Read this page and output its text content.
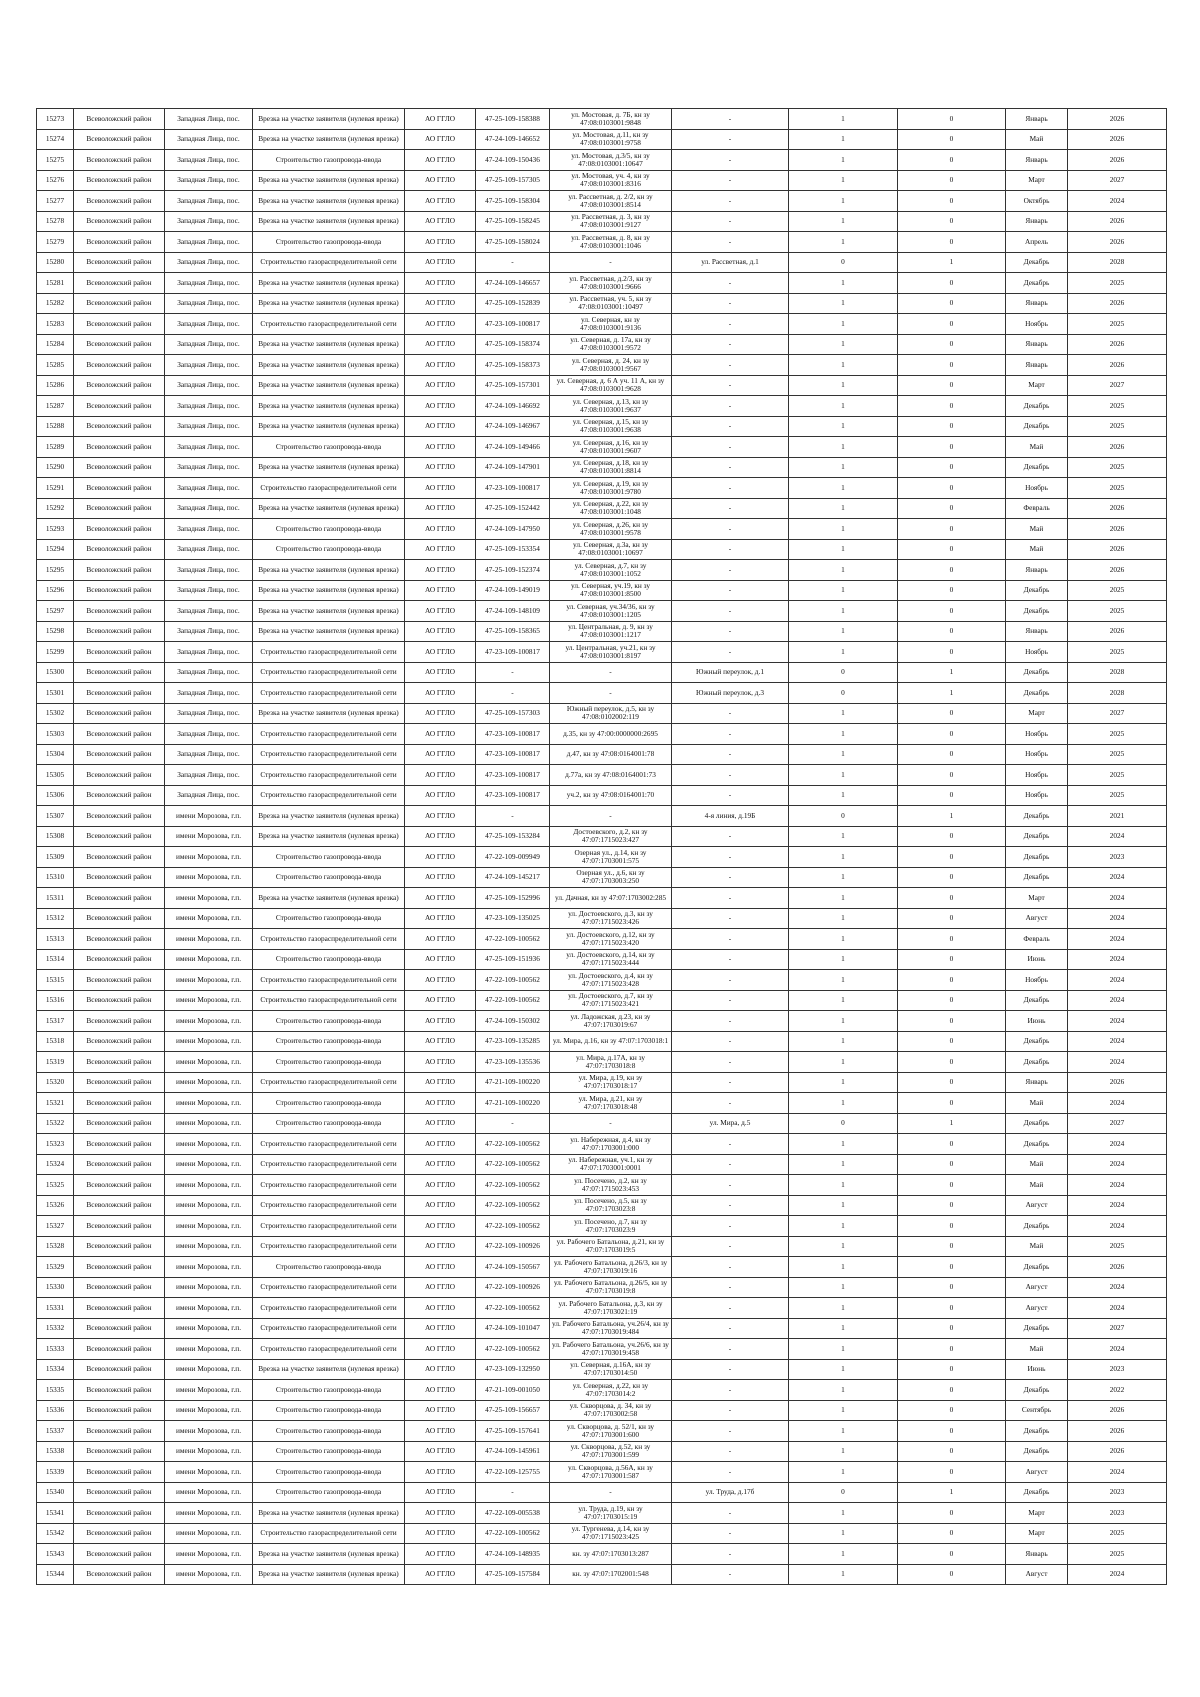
15273	Всеволожский район	Западная Лица, пос.	Врезка на участке заявителя (нулевая врезка)	АО ГГЛО	47-25-109-158388	ул. Мостовая, д. 7Б, кн зу 47:08:0103001:9848	-	1	0	Январь	2026
15274	Всеволожский район	Западная Лица, пос.	Врезка на участке заявителя (нулевая врезка)	АО ГГЛО	47-24-109-146652	ул. Мостовая, д.11, кн зу 47:08:0103001:9758	-	1	0	Май	2026
15275	Всеволожский район	Западная Лица, пос.	Строительство газопровода-ввода	АО ГГЛО	47-24-109-150436	ул. Мостовая, д.3/5, кн зу 47:08:0103001:10647	-	1	0	Январь	2026
15276	Всеволожский район	Западная Лица, пос.	Врезка на участке заявителя (нулевая врезка)	АО ГГЛО	47-25-109-157305	ул. Мостовая, уч. 4, кн зу 47:08:0103001:8316	-	1	0	Март	2027
15277	Всеволожский район	Западная Лица, пос.	Врезка на участке заявителя (нулевая врезка)	АО ГГЛО	47-25-109-158304	ул. Рассветная, д. 2/2, кн зу 47:08:0103001:8514	-	1	0	Октябрь	2024
15278	Всеволожский район	Западная Лица, пос.	Врезка на участке заявителя (нулевая врезка)	АО ГГЛО	47-25-109-158245	ул. Рассветная, д. 3, кн зу 47:08:0103001:9127	-	1	0	Январь	2026
15279	Всеволожский район	Западная Лица, пос.	Строительство газопровода-ввода	АО ГГЛО	47-25-109-158024	ул. Рассветная, д. 8, кн зу 47:08:0103001:1046	-	1	0	Апрель	2026
15280	Всеволожский район	Западная Лица, пос.	Строительство газораспределительной сети	АО ГГЛО	-	-	ул. Рассветная, д.1	0	1	Декабрь	2028
15281	Всеволожский район	Западная Лица, пос.	Врезка на участке заявителя (нулевая врезка)	АО ГГЛО	47-24-109-146657	ул. Рассветная, д.2/3, кн зу 47:08:0103001:9666	-	1	0	Декабрь	2025
15282	Всеволожский район	Западная Лица, пос.	Врезка на участке заявителя (нулевая врезка)	АО ГГЛО	47-25-109-152839	ул. Рассветная, уч. 5, кн зу 47:08:0103001:10497	-	1	0	Январь	2026
15283	Всеволожский район	Западная Лица, пос.	Строительство газораспределительной сети	АО ГГЛО	47-23-109-100817	ул. Северная, кн зу 47:08:0103001:9136	-	1	0	Ноябрь	2025
15284	Всеволожский район	Западная Лица, пос.	Врезка на участке заявителя (нулевая врезка)	АО ГГЛО	47-25-109-158374	ул. Северная, д. 17а, кн зу 47:08:0103001:9572	-	1	0	Январь	2026
15285	Всеволожский район	Западная Лица, пос.	Врезка на участке заявителя (нулевая врезка)	АО ГГЛО	47-25-109-158373	ул. Северная, д. 24, кн зу 47:08:0103001:9567	-	1	0	Январь	2026
15286	Всеволожский район	Западная Лица, пос.	Врезка на участке заявителя (нулевая врезка)	АО ГГЛО	47-25-109-157301	ул. Северная, д. 6 А уч. 11 А, кн зу 47:08:0103001:9628	-	1	0	Март	2027
15287	Всеволожский район	Западная Лица, пос.	Врезка на участке заявителя (нулевая врезка)	АО ГГЛО	47-24-109-146692	ул. Северная, д.13, кн зу 47:08:0103001:9637	-	1	0	Декабрь	2025
15288	Всеволожский район	Западная Лица, пос.	Врезка на участке заявителя (нулевая врезка)	АО ГГЛО	47-24-109-146967	ул. Северная, д.15, кн зу 47:08:0103001:9638	-	1	0	Декабрь	2025
15289	Всеволожский район	Западная Лица, пос.	Строительство газопровода-ввода	АО ГГЛО	47-24-109-149466	ул. Северная, д.16, кн зу 47:08:0103001:9607	-	1	0	Май	2026
15290	Всеволожский район	Западная Лица, пос.	Врезка на участке заявителя (нулевая врезка)	АО ГГЛО	47-24-109-147901	ул. Северная, д.18, кн зу 47:08:0103001:8814	-	1	0	Декабрь	2025
15291	Всеволожский район	Западная Лица, пос.	Строительство газораспределительной сети	АО ГГЛО	47-23-109-100817	ул. Северная, д.19, кн зу 47:08:0103001:9780	-	1	0	Ноябрь	2025
15292	Всеволожский район	Западная Лица, пос.	Врезка на участке заявителя (нулевая врезка)	АО ГГЛО	47-25-109-152442	ул. Северная, д.22, кн зу 47:08:0103001:1048	-	1	0	Февраль	2026
15293	Всеволожский район	Западная Лица, пос.	Строительство газопровода-ввода	АО ГГЛО	47-24-109-147950	ул. Северная, д.26, кн зу 47:08:0103001:9578	-	1	0	Май	2026
15294	Всеволожский район	Западная Лица, пос.	Строительство газопровода-ввода	АО ГГЛО	47-25-109-153354	ул. Северная, д.3а, кн зу 47:08:0103001:10697	-	1	0	Май	2026
15295	Всеволожский район	Западная Лица, пос.	Врезка на участке заявителя (нулевая врезка)	АО ГГЛО	47-25-109-152374	ул. Северная, д.7, кн зу 47:08:0103001:1052	-	1	0	Январь	2026
15296	Всеволожский район	Западная Лица, пос.	Врезка на участке заявителя (нулевая врезка)	АО ГГЛО	47-24-109-149019	ул. Северная, уч.19, кн зу 47:08:0103001:8500	-	1	0	Декабрь	2025
15297	Всеволожский район	Западная Лица, пос.	Врезка на участке заявителя (нулевая врезка)	АО ГГЛО	47-24-109-148109	ул. Северная, уч.34/36, кн зу 47:08:0103001:1205	-	1	0	Декабрь	2025
15298	Всеволожский район	Западная Лица, пос.	Врезка на участке заявителя (нулевая врезка)	АО ГГЛО	47-25-109-158365	ул. Центральная, д. 9, кн зу 47:08:0103001:1217	-	1	0	Январь	2026
15299	Всеволожский район	Западная Лица, пос.	Строительство газораспределительной сети	АО ГГЛО	47-23-109-100817	ул. Центральная, уч.21, кн зу 47:08:0103001:8197	-	1	0	Ноябрь	2025
15300	Всеволожский район	Западная Лица, пос.	Строительство газораспределительной сети	АО ГГЛО	-	-	Южный переулок, д.1	0	1	Декабрь	2028
15301	Всеволожский район	Западная Лица, пос.	Строительство газораспределительной сети	АО ГГЛО	-	-	Южный переулок, д.3	0	1	Декабрь	2028
15302	Всеволожский район	Западная Лица, пос.	Врезка на участке заявителя (нулевая врезка)	АО ГГЛО	47-25-109-157303	Южный переулок, д.5, кн зу 47:08:0102002:119	-	1	0	Март	2027
15303	Всеволожский район	Западная Лица, пос.	Строительство газораспределительной сети	АО ГГЛО	47-23-109-100817	д.35, кн зу 47:00:0000000:2695	-	1	0	Ноябрь	2025
15304	Всеволожский район	Западная Лица, пос.	Строительство газораспределительной сети	АО ГГЛО	47-23-109-100817	д.47, кн зу 47:08:0164001:78	-	1	0	Ноябрь	2025
15305	Всеволожский район	Западная Лица, пос.	Строительство газораспределительной сети	АО ГГЛО	47-23-109-100817	д.77а, кн зу 47:08:0164001:73	-	1	0	Ноябрь	2025
15306	Всеволожский район	Западная Лица, пос.	Строительство газораспределительной сети	АО ГГЛО	47-23-109-100817	уч.2, кн зу 47:08:0164001:70	-	1	0	Ноябрь	2025
15307	Всеволожский район	имени Морозова, г.п.	Врезка на участке заявителя (нулевая врезка)	АО ГГЛО	-	-	4-я линия, д.19Б	0	1	Декабрь	2021
15308	Всеволожский район	имени Морозова, г.п.	Врезка на участке заявителя (нулевая врезка)	АО ГГЛО	47-25-109-153284	Достоевского, д.2, кн зу 47:07:1715023:427	-	1	0	Декабрь	2024
15309	Всеволожский район	имени Морозова, г.п.	Строительство газопровода-ввода	АО ГГЛО	47-22-109-009949	Озерная ул., д.14, кн зу 47:07:1703001:575	-	1	0	Декабрь	2023
15310	Всеволожский район	имени Морозова, г.п.	Строительство газопровода-ввода	АО ГГЛО	47-24-109-145217	Озерная ул., д.6, кн зу 47:07:1703003:250	-	1	0	Декабрь	2024
15311	Всеволожский район	имени Морозова, г.п.	Врезка на участке заявителя (нулевая врезка)	АО ГГЛО	47-25-109-152996	ул. Дачная, кн зу 47:07:1703002:285	-	1	0	Март	2024
15312	Всеволожский район	имени Морозова, г.п.	Строительство газопровода-ввода	АО ГГЛО	47-23-109-135025	ул. Достоевского, д.3, кн зу 47:07:1715023:426	-	1	0	Август	2024
15313	Всеволожский район	имени Морозова, г.п.	Строительство газораспределительной сети	АО ГГЛО	47-22-109-100562	ул. Достоевского, д.12, кн зу 47:07:1715023:420	-	1	0	Февраль	2024
15314	Всеволожский район	имени Морозова, г.п.	Строительство газопровода-ввода	АО ГГЛО	47-25-109-151936	ул. Достоевского, д.14, кн зу 47:07:1715023:444	-	1	0	Июнь	2024
15315	Всеволожский район	имени Морозова, г.п.	Строительство газораспределительной сети	АО ГГЛО	47-22-109-100562	ул. Достоевского, д.4, кн зу 47:07:1715023:428	-	1	0	Ноябрь	2024
15316	Всеволожский район	имени Морозова, г.п.	Строительство газораспределительной сети	АО ГГЛО	47-22-109-100562	ул. Достоевского, д.7, кн зу 47:07:1715023:421	-	1	0	Декабрь	2024
15317	Всеволожский район	имени Морозова, г.п.	Строительство газопровода-ввода	АО ГГЛО	47-24-109-150302	ул. Ладожская, д.23, кн зу 47:07:1703019:67	-	1	0	Июнь	2024
15318	Всеволожский район	имени Морозова, г.п.	Строительство газопровода-ввода	АО ГГЛО	47-23-109-135285	ул. Мира, д.16, кн зу 47:07:1703018:1	-	1	0	Декабрь	2024
15319	Всеволожский район	имени Морозова, г.п.	Строительство газопровода-ввода	АО ГГЛО	47-23-109-135536	ул. Мира, д.17А, кн зу 47:07:1703018:8	-	1	0	Декабрь	2024
15320	Всеволожский район	имени Морозова, г.п.	Строительство газораспределительной сети	АО ГГЛО	47-21-109-100220	ул. Мира, д.19, кн зу 47:07:1703018:17	-	1	0	Январь	2026
15321	Всеволожский район	имени Морозова, г.п.	Строительство газопровода-ввода	АО ГГЛО	47-21-109-100220	ул. Мира, д.21, кн зу 47:07:1703018:48	-	1	0	Май	2024
15322	Всеволожский район	имени Морозова, г.п.	Строительство газопровода-ввода	АО ГГЛО	-	-	ул. Мира, д.5	0	1	Декабрь	2027
15323	Всеволожский район	имени Морозова, г.п.	Строительство газораспределительной сети	АО ГГЛО	47-22-109-100562	ул. Набережная, д.4, кн зу 47:07:1703001:000	-	1	0	Декабрь	2024
15324	Всеволожский район	имени Морозова, г.п.	Строительство газораспределительной сети	АО ГГЛО	47-22-109-100562	ул. Набережная, уч.1, кн зу 47:07:1703001:0001	-	1	0	Май	2024
15325	Всеволожский район	имени Морозова, г.п.	Строительство газораспределительной сети	АО ГГЛО	47-22-109-100562	ул. Посечено, д.2, кн зу 47:07:1715023:453	-	1	0	Май	2024
15326	Всеволожский район	имени Морозова, г.п.	Строительство газораспределительной сети	АО ГГЛО	47-22-109-100562	ул. Посечено, д.5, кн зу 47:07:1703023:8	-	1	0	Август	2024
15327	Всеволожский район	имени Морозова, г.п.	Строительство газораспределительной сети	АО ГГЛО	47-22-109-100562	ул. Посечено, д.7, кн зу 47:07:1703023:9	-	1	0	Декабрь	2024
15328	Всеволожский район	имени Морозова, г.п.	Строительство газораспределительной сети	АО ГГЛО	47-22-109-100926	ул. Рабочего Батальона, д.21, кн зу 47:07:1703019:5	-	1	0	Май	2025
15329	Всеволожский район	имени Морозова, г.п.	Строительство газопровода-ввода	АО ГГЛО	47-24-109-150567	ул. Рабочего Батальона, д.26/3, кн зу 47:07:1703019:16	-	1	0	Декабрь	2026
15330	Всеволожский район	имени Морозова, г.п.	Строительство газораспределительной сети	АО ГГЛО	47-22-109-100926	ул. Рабочего Батальона, д.26/5, кн зу 47:07:1703019:8	-	1	0	Август	2024
15331	Всеволожский район	имени Морозова, г.п.	Строительство газораспределительной сети	АО ГГЛО	47-22-109-100562	ул. Рабочего Батальона, д.3, кн зу 47:07:1703021:19	-	1	0	Август	2024
15332	Всеволожский район	имени Морозова, г.п.	Строительство газораспределительной сети	АО ГГЛО	47-24-109-101047	ул. Рабочего Батальона, уч.26/4, кн зу 47:07:1703019:484	-	1	0	Декабрь	2027
15333	Всеволожский район	имени Морозова, г.п.	Строительство газораспределительной сети	АО ГГЛО	47-22-109-100562	ул. Рабочего Батальона, уч.26/6, кн зу 47:07:1703019:458	-	1	0	Май	2024
15334	Всеволожский район	имени Морозова, г.п.	Врезка на участке заявителя (нулевая врезка)	АО ГГЛО	47-23-109-132950	ул. Северная, д.16А, кн зу 47:07:1703014:50	-	1	0	Июнь	2023
15335	Всеволожский район	имени Морозова, г.п.	Строительство газопровода-ввода	АО ГГЛО	47-21-109-001050	ул. Северная, д.22, кн зу 47:07:1703014:2	-	1	0	Декабрь	2022
15336	Всеволожский район	имени Морозова, г.п.	Строительство газопровода-ввода	АО ГГЛО	47-25-109-156657	ул. Скворцова, д. 34, кн зу 47:07:1703002:58	-	1	0	Сентябрь	2026
15337	Всеволожский район	имени Морозова, г.п.	Строительство газопровода-ввода	АО ГГЛО	47-25-109-157641	ул. Скворцова, д. 52/1, кн зу 47:07:1703001:600	-	1	0	Декабрь	2026
15338	Всеволожский район	имени Морозова, г.п.	Строительство газопровода-ввода	АО ГГЛО	47-24-109-145961	ул. Скворцова, д.52, кн зу 47:07:1703001:599	-	1	0	Декабрь	2026
15339	Всеволожский район	имени Морозова, г.п.	Строительство газопровода-ввода	АО ГГЛО	47-22-109-125755	ул. Скворцова, д.56А, кн зу 47:07:1703001:587	-	1	0	Август	2024
15340	Всеволожский район	имени Морозова, г.п.	Строительство газопровода-ввода	АО ГГЛО	-	-	ул. Труда, д.17б	0	1	Декабрь	2023
15341	Всеволожский район	имени Морозова, г.п.	Врезка на участке заявителя (нулевая врезка)	АО ГГЛО	47-22-109-005538	ул. Труда, д.19, кн зу 47:07:1703015:19	-	1	0	Март	2023
15342	Всеволожский район	имени Морозова, г.п.	Строительство газораспределительной сети	АО ГГЛО	47-22-109-100562	ул. Тургенева, д.14, кн зу 47:07:1715023:425	-	1	0	Март	2025
15343	Всеволожский район	имени Морозова, г.п.	Врезка на участке заявителя (нулевая врезка)	АО ГГЛО	47-24-109-148935	кн. зу 47:07:1703013:287	-	1	0	Январь	2025
15344	Всеволожский район	имени Морозова, г.п.	Врезка на участке заявителя (нулевая врезка)	АО ГГЛО	47-25-109-157584	кн. зу 47:07:1702001:548	-	1	0	Август	2024
